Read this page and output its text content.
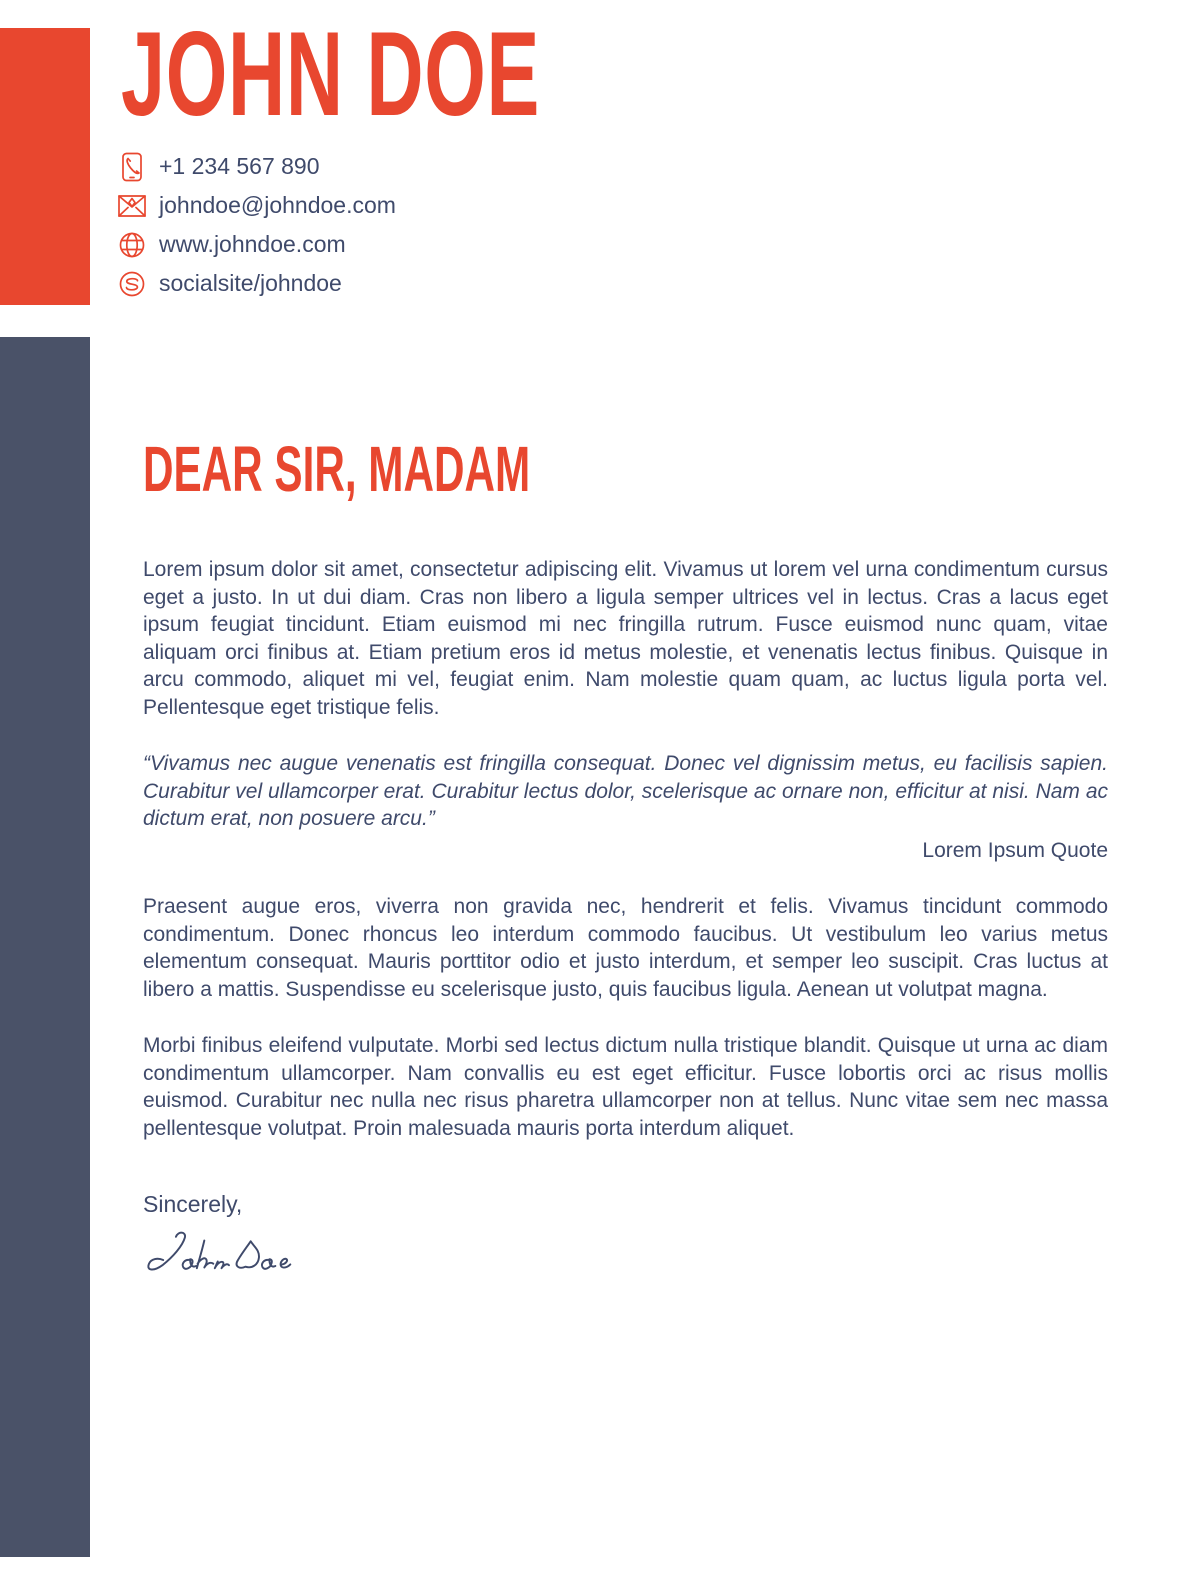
JOHN DOE
+1 234 567 890
johndoe@johndoe.com
www.johndoe.com
socialsite/johndoe
DEAR SIR, MADAM

Lorem ipsum dolor sit amet, consectetur adipiscing elit. Vivamus ut lorem vel urna condimentum cursus eget a justo. In ut dui diam. Cras non libero a ligula semper ultrices vel in lectus. Cras a lacus eget ipsum feugiat tincidunt. Etiam euismod mi nec fringilla rutrum. Fusce euismod nunc quam, vitae aliquam orci finibus at. Etiam pretium eros id metus molestie, et venenatis lectus finibus. Quisque in arcu commodo, aliquet mi vel, feugiat enim. Nam molestie quam quam, ac luctus ligula porta vel. Pellentesque eget tristique felis.

“Vivamus nec augue venenatis est fringilla consequat. Donec vel dignissim metus, eu facilisis sapien. Curabitur vel ullamcorper erat. Curabitur lectus dolor, scelerisque ac ornare non, efficitur at nisi. Nam ac dictum erat, non posuere arcu.”

Lorem Ipsum Quote

Praesent augue eros, viverra non gravida nec, hendrerit et felis. Vivamus tincidunt commodo condimentum. Donec rhoncus leo interdum commodo faucibus. Ut vestibulum leo varius metus elementum consequat. Mauris porttitor odio et justo interdum, et semper leo suscipit. Cras luctus at libero a mattis. Suspendisse eu scelerisque justo, quis faucibus ligula. Aenean ut volutpat magna.

Morbi finibus eleifend vulputate. Morbi sed lectus dictum nulla tristique blandit. Quisque ut urna ac diam condimentum ullamcorper. Nam convallis eu est eget efficitur. Fusce lobortis orci ac risus mollis euismod. Curabitur nec nulla nec risus pharetra ullamcorper non at tellus. Nunc vitae sem nec massa pellentesque volutpat. Proin malesuada mauris porta interdum aliquet.

Sincerely,
